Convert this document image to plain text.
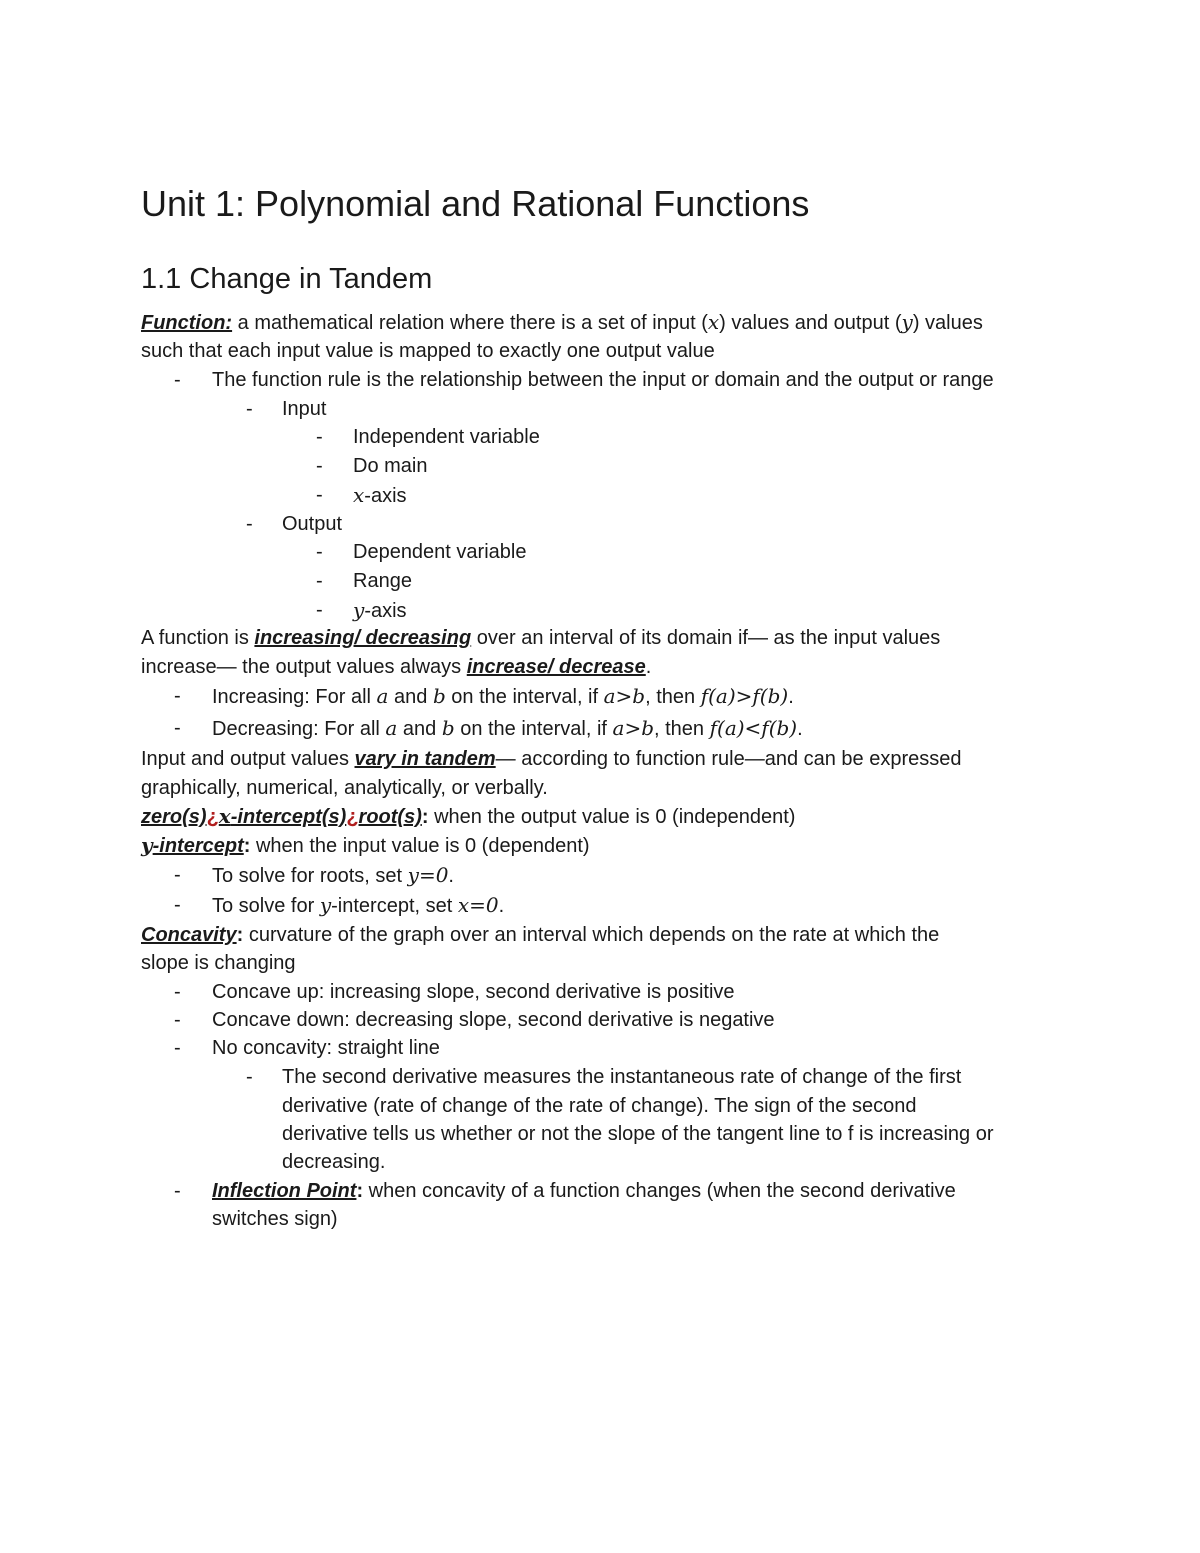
Unit 1: Polynomial and Rational Functions
1.1 Change in Tandem
Function: a mathematical relation where there is a set of input (x) values and output (y) values
such that each input value is mapped to exactly one output value
- The function rule is the relationship between the input or domain and the output or range
- Input
- Independent variable
- Do main
- x-axis
- Output
- Dependent variable
- Range
- y-axis
A function is increasing/ decreasing over an interval of its domain if— as the input values
increase— the output values always increase/ decrease.
- Increasing: For all a and b on the interval, if a>b, then f(a)>f(b).
- Decreasing: For all a and b on the interval, if a>b, then f(a)<f(b).
Input and output values vary in tandem— according to function rule—and can be expressed
graphically, numerical, analytically, or verbally.
zero(s)¿x-intercept(s)¿root(s): when the output value is 0 (independent)
y-intercept: when the input value is 0 (dependent)
- To solve for roots, set y=0.
- To solve for y-intercept, set x=0.
Concavity: curvature of the graph over an interval which depends on the rate at which the
slope is changing
- Concave up: increasing slope, second derivative is positive
- Concave down: decreasing slope, second derivative is negative
- No concavity: straight line
- The second derivative measures the instantaneous rate of change of the first
derivative (rate of change of the rate of change). The sign of the second
derivative tells us whether or not the slope of the tangent line to f is increasing or
decreasing.
- Inflection Point: when concavity of a function changes (when the second derivative
switches sign)
